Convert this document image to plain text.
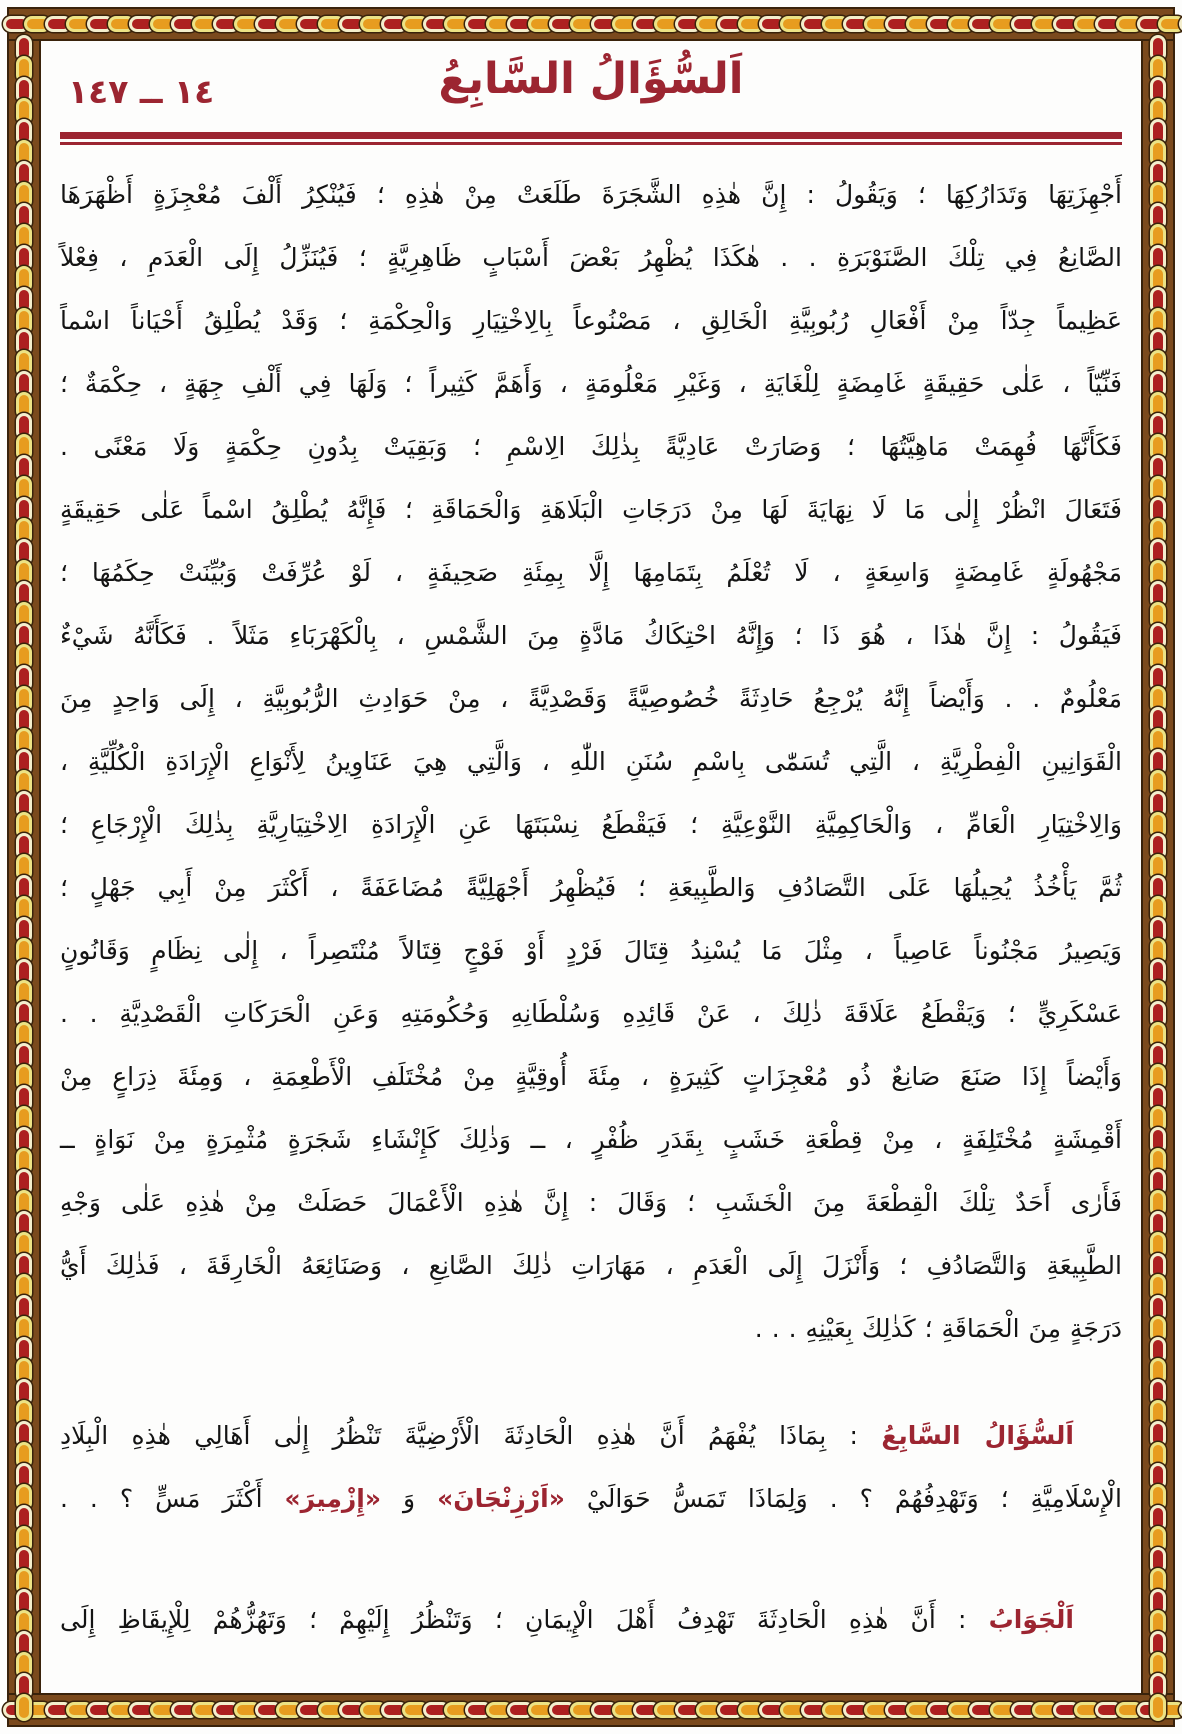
١٤ ــ ١٤٧	اَلسُّؤَالُ السَّابِعُ
أَجْهِزَتِهَا وَتَدَارُكِهَا ؛ وَيَقُولُ : إِنَّ هٰذِهِ الشَّجَرَةَ طَلَعَتْ مِنْ هٰذِهِ ؛ فَيُنْكِرُ أَلْفَ مُعْجِزَةٍ أَظْهَرَهَا
الصَّانِعُ فِي تِلْكَ الصَّنَوْبَرَةِ . . هٰكَذَا يُظْهِرُ بَعْضَ أَسْبَابٍ ظَاهِرِيَّةٍ ؛ فَيُنَزِّلُ إِلَى الْعَدَمِ ، فِعْلاً
عَظِيماً جِدّاً مِنْ أَفْعَالِ رُبُوبِيَّةِ الْخَالِقِ ، مَصْنُوعاً بِالِاخْتِيَارِ وَالْحِكْمَةِ ؛ وَقَدْ يُطْلِقُ أَحْيَاناً اسْماً
فَنِّيّاً ، عَلٰى حَقِيقَةٍ غَامِضَةٍ لِلْغَايَةِ ، وَغَيْرِ مَعْلُومَةٍ ، وَأَهَمَّ كَثِيراً ؛ وَلَهَا فِي أَلْفِ جِهَةٍ ، حِكْمَةٌ ؛
فَكَأَنَّهَا فُهِمَتْ مَاهِيَّتُهَا ؛ وَصَارَتْ عَادِيَّةً بِذٰلِكَ الِاسْمِ ؛ وَبَقِيَتْ بِدُونِ حِكْمَةٍ وَلَا مَعْنًى .
فَتَعَالَ انْظُرْ إِلٰى مَا لَا نِهَايَةَ لَهَا مِنْ دَرَجَاتِ الْبَلَاهَةِ وَالْحَمَاقَةِ ؛ فَإِنَّهُ يُطْلِقُ اسْماً عَلٰى حَقِيقَةٍ
مَجْهُولَةٍ غَامِضَةٍ وَاسِعَةٍ ، لَا تُعْلَمُ بِتَمَامِهَا إِلَّا بِمِئَةِ صَحِيفَةٍ ، لَوْ عُرِّفَتْ وَبُيِّنَتْ حِكَمُهَا ؛
فَيَقُولُ : إِنَّ هٰذَا ، هُوَ ذَا ؛ وَإِنَّهُ احْتِكَاكُ مَادَّةٍ مِنَ الشَّمْسِ ، بِالْكَهْرَبَاءِ مَثَلاً . فَكَأَنَّهُ شَيْءٌ
مَعْلُومٌ . . وَأَيْضاً إِنَّهُ يُرْجِعُ حَادِثَةً خُصُوصِيَّةً وَقَصْدِيَّةً ، مِنْ حَوَادِثِ الرُّبُوبِيَّةِ ، إِلَى وَاحِدٍ مِنَ
الْقَوَانِينِ الْفِطْرِيَّةِ ، الَّتِي تُسَمّٰى بِاسْمِ سُنَنِ اللّٰهِ ، وَالَّتِي هِيَ عَنَاوِينُ لِأَنْوَاعِ الْإِرَادَةِ الْكُلِّيَّةِ ،
وَالِاخْتِيَارِ الْعَامِّ ، وَالْحَاكِمِيَّةِ النَّوْعِيَّةِ ؛ فَيَقْطَعُ نِسْبَتَهَا عَنِ الْإِرَادَةِ الِاخْتِيَارِيَّةِ بِذٰلِكَ الْإِرْجَاعِ ؛
ثُمَّ يَأْخُذُ يُحِيلُهَا عَلَى التَّصَادُفِ وَالطَّبِيعَةِ ؛ فَيُظْهِرُ أَجْهَلِيَّةً مُضَاعَفَةً ، أَكْثَرَ مِنْ أَبِي جَهْلٍ ؛
وَيَصِيرُ مَجْنُوناً عَاصِياً ، مِثْلَ مَا يُسْنِدُ قِتَالَ فَرْدٍ أَوْ فَوْجٍ قِتَالاً مُنْتَصِراً ، إِلٰى نِظَامٍ وَقَانُونٍ
عَسْكَرِيٍّ ؛ وَيَقْطَعُ عَلَاقَةَ ذٰلِكَ ، عَنْ قَائِدِهِ وَسُلْطَانِهِ وَحُكُومَتِهِ وَعَنِ الْحَرَكَاتِ الْقَصْدِيَّةِ . .
وَأَيْضاً إِذَا صَنَعَ صَانِعٌ ذُو مُعْجِزَاتٍ كَثِيرَةٍ ، مِئَةَ أُوقِيَّةٍ مِنْ مُخْتَلَفِ الْأَطْعِمَةِ ، وَمِئَةَ ذِرَاعٍ مِنْ
أَقْمِشَةٍ مُخْتَلِفَةٍ ، مِنْ قِطْعَةِ خَشَبٍ بِقَدَرِ ظُفْرٍ ، ــ وَذٰلِكَ كَإِنْشَاءِ شَجَرَةٍ مُثْمِرَةٍ مِنْ نَوَاةٍ ــ
فَأَرٰى أَحَدٌ تِلْكَ الْقِطْعَةَ مِنَ الْخَشَبِ ؛ وَقَالَ : إِنَّ هٰذِهِ الْأَعْمَالَ حَصَلَتْ مِنْ هٰذِهِ عَلٰى وَجْهِ
الطَّبِيعَةِ وَالتَّصَادُفِ ؛ وَأَنْزَلَ إِلَى الْعَدَمِ ، مَهَارَاتِ ذٰلِكَ الصَّانِعِ ، وَصَنَائِعَهُ الْخَارِقَةَ ، فَذٰلِكَ أَيُّ
دَرَجَةٍ مِنَ الْحَمَاقَةِ ؛ كَذٰلِكَ بِعَيْنِهِ . . .
اَلسُّؤَالُ السَّابِعُ : بِمَاذَا يُفْهَمُ أَنَّ هٰذِهِ الْحَادِثَةَ الْأَرْضِيَّةَ تَنْظُرُ إِلٰى أَهَالِي هٰذِهِ الْبِلَادِ
الْإِسْلَامِيَّةِ ؛ وَتَهْدِفُهُمْ ؟ . وَلِمَاذَا تَمَسُّ حَوَالَيْ «اَرْزِنْجَانَ» وَ «إِزْمِيرَ» أَكْثَرَ مَسٍّ ؟ . .
اَلْجَوَابُ : أَنَّ هٰذِهِ الْحَادِثَةَ تَهْدِفُ أَهْلَ الْإِيمَانِ ؛ وَتَنْظُرُ إِلَيْهِمْ ؛ وَتَهُزُّهُمْ لِلْإِيقَاظِ إِلَى
